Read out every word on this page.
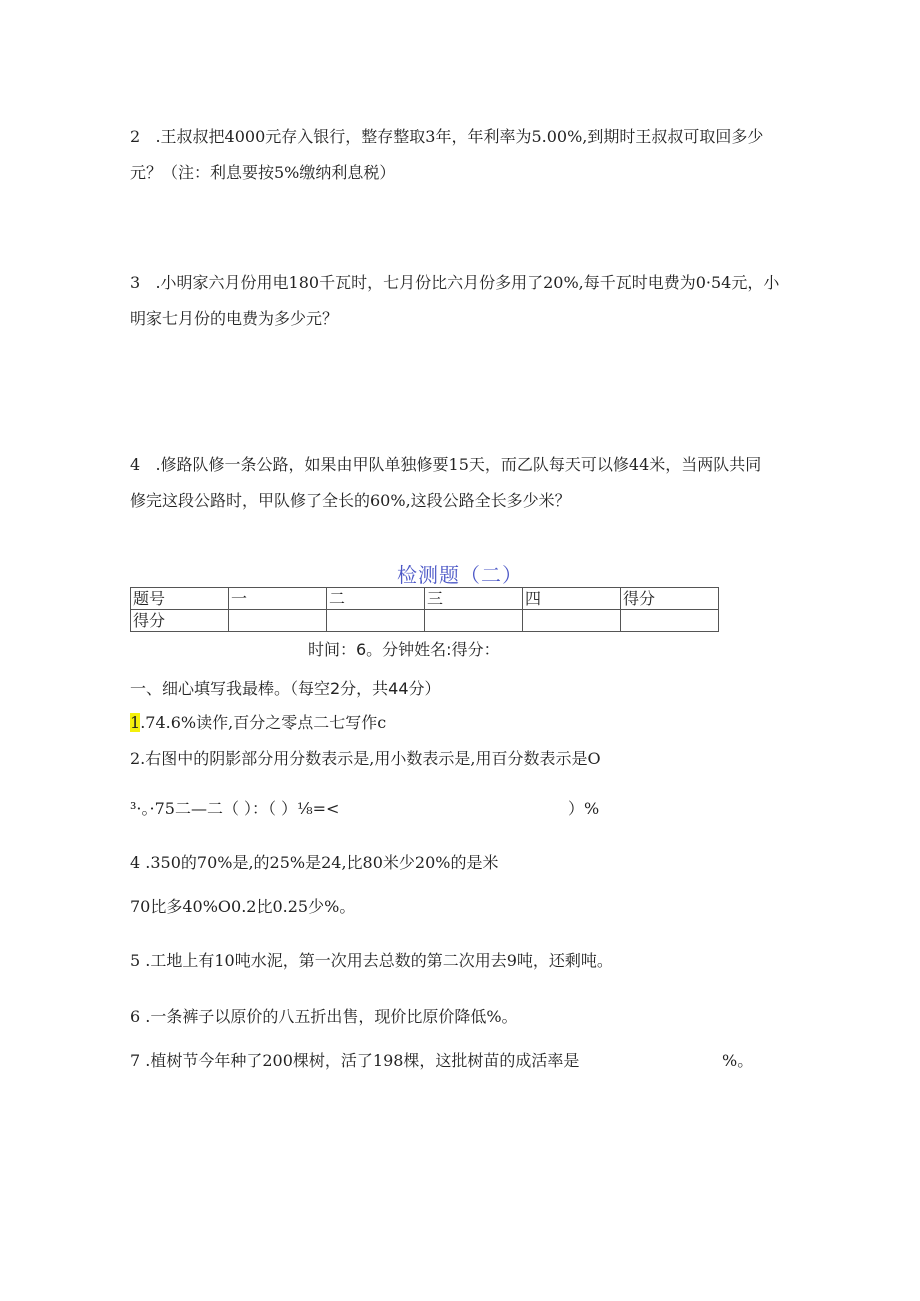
2 .王叔叔把4000元存入银行，整存整取3年，年利率为5.00%,到期时王叔叔可取回多少
元？（注：利息要按5%缴纳利息税）
3 .小明家六月份用电180千瓦时，七月份比六月份多用了20%,每千瓦时电费为0·54元，小
明家七月份的电费为多少元？
4 .修路队修一条公路，如果由甲队单独修要15天，而乙队每天可以修44米，当两队共同
修完这段公路时，甲队修了全长的60%,这段公路全长多少米？
检测题（二）
题号	一	二	三	四	得分
得分					
时间：6。分钟姓名:得分：
一、细心填写我最棒。（每空2分，共44分）
1.74.6%读作,百分之零点二七写作c
2.右图中的阴影部分用分数表示是,用小数表示是,用百分数表示是O
³·。·75二—二（ ）：（ ）⅛=<	）%
4 .350的70%是,的25%是24,比80米少20%的是米
70比多40%O0.2比0.25少%。
5 .工地上有10吨水泥，第一次用去总数的第二次用去9吨，还剩吨。
6 .一条裤子以原价的八五折出售，现价比原价降低%。
7 .植树节今年种了200棵树，活了198棵，这批树苗的成活率是	%。
